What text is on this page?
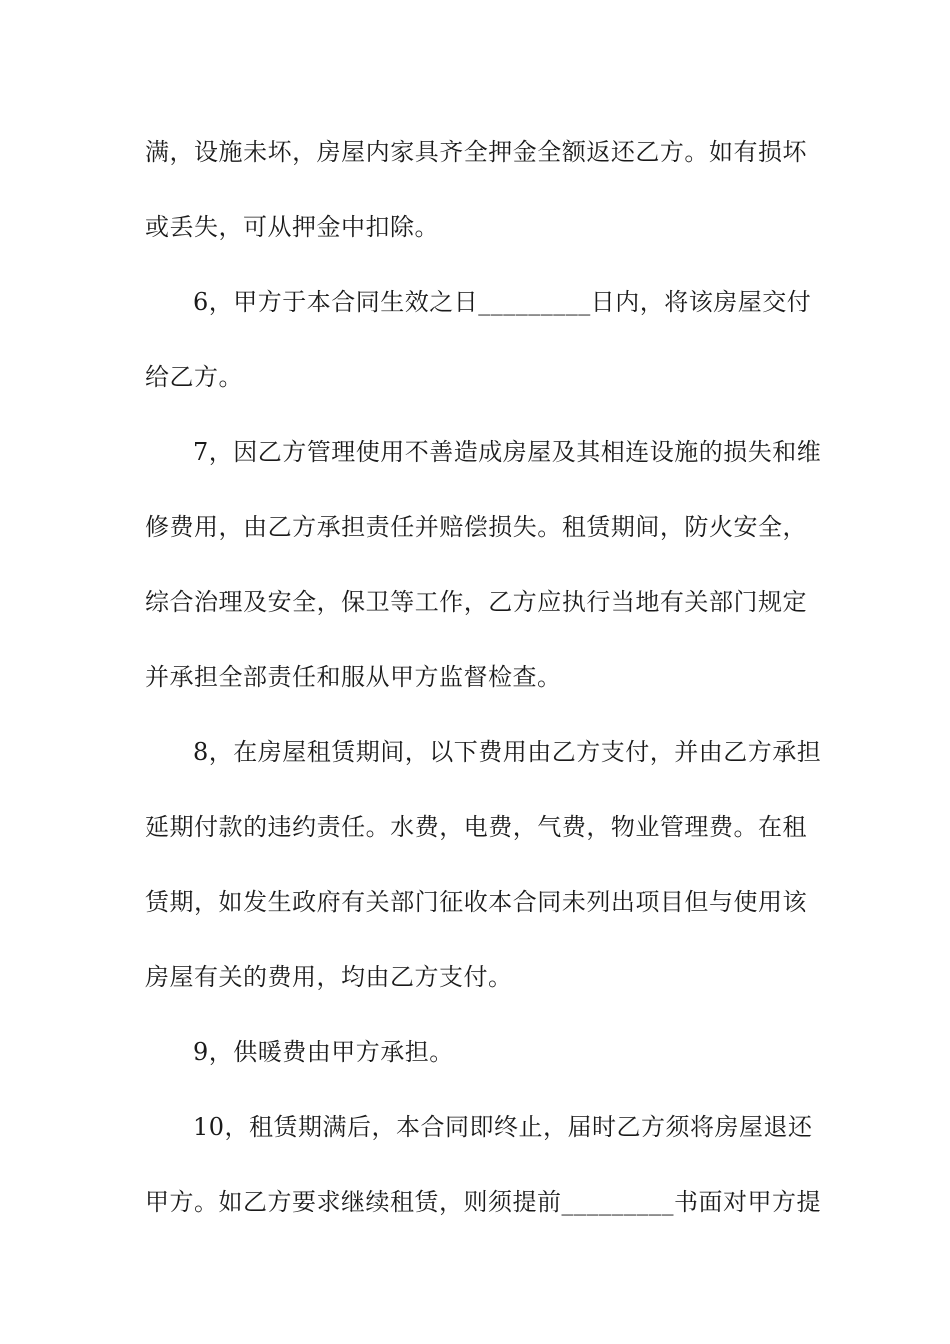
满，设施未坏，房屋内家具齐全押金全额返还乙方。如有损坏
或丢失，可从押金中扣除。
6，甲方于本合同生效之日_________日内，将该房屋交付
给乙方。
7，因乙方管理使用不善造成房屋及其相连设施的损失和维
修费用，由乙方承担责任并赔偿损失。租赁期间，防火安全，
综合治理及安全，保卫等工作，乙方应执行当地有关部门规定
并承担全部责任和服从甲方监督检查。
8，在房屋租赁期间，以下费用由乙方支付，并由乙方承担
延期付款的违约责任。水费，电费，气费，物业管理费。在租
赁期，如发生政府有关部门征收本合同未列出项目但与使用该
房屋有关的费用，均由乙方支付。
9，供暖费由甲方承担。
10，租赁期满后，本合同即终止，届时乙方须将房屋退还
甲方。如乙方要求继续租赁，则须提前_________书面对甲方提
